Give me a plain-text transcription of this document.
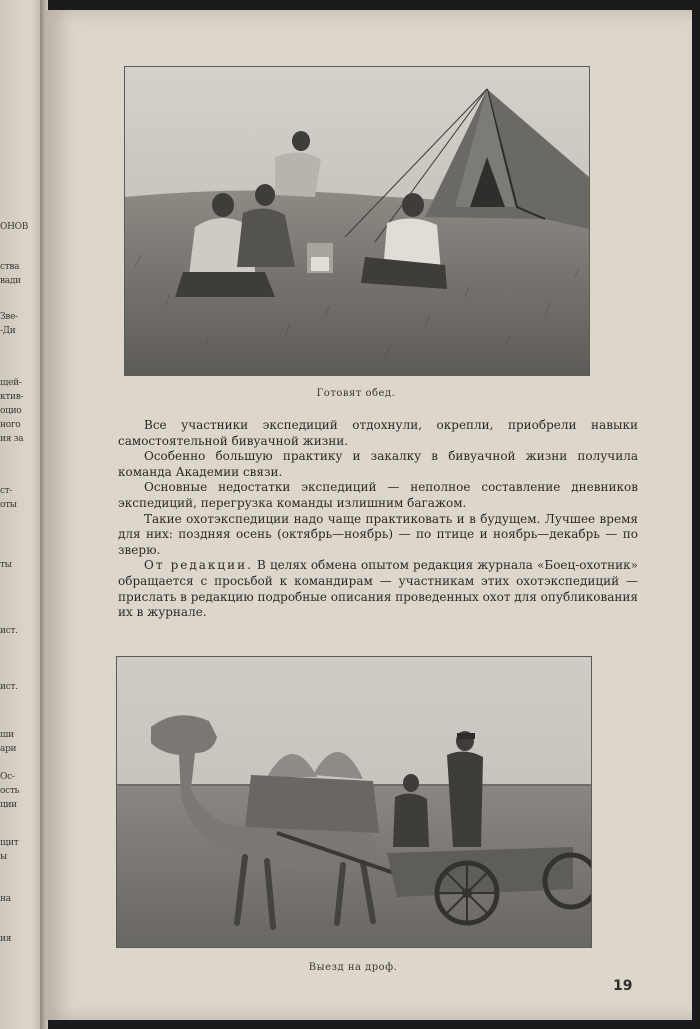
ОНОВ
ства
вади
Зве-
-Ди
щей-
ктив-
оцио
ного
ия за
ст-
оты
ты
ист.
ист.
ши
ари
Ос-
ость
ции
щит
ы
на
ия
Готовят обед.

Все участники экспедиций отдохнули, окрепли, приобрели навыки самостоятельной бивуачной жизни.

Особенно большую практику и закалку в бивуачной жизни получила команда Академии связи.

Основные недостатки экспедиций — неполное составление дневников экспедиций, перегрузка команды излишним багажом.

Такие охотэкспедиции надо чаще практиковать и в будущем. Лучшее время для них: поздняя осень (октябрь—ноябрь) — по птице и ноябрь—декабрь — по зверю.

От редакции. В целях обмена опытом редакция журнала «Боец-охотник» обращается с просьбой к командирам — участникам этих охотэкспедиций — прислать в редакцию подробные описания проведенных охот для опубликования их в журнале.

Выезд на дроф.
19
